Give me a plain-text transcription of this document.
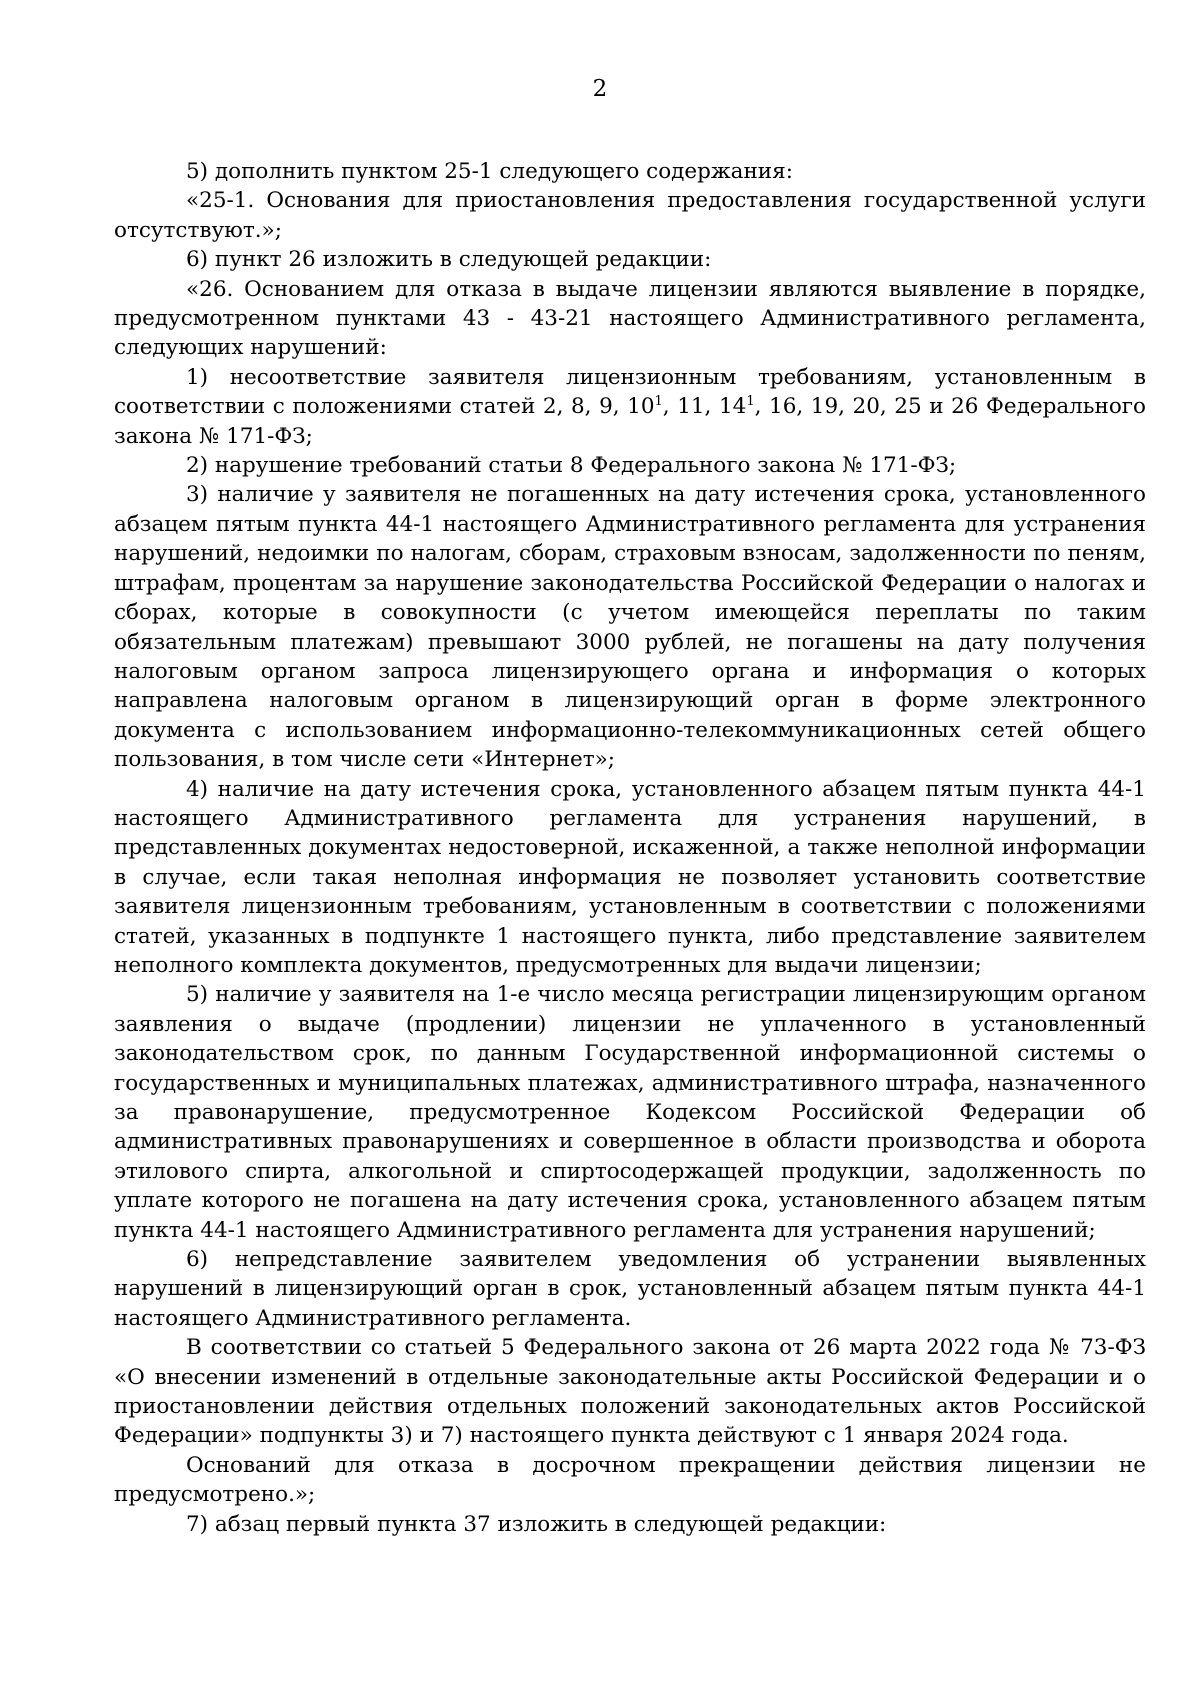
2

5) дополнить пунктом 25-1 следующего содержания:

«25-1. Основания для приостановления предоставления государственной услуги отсутствуют.»;

6) пункт 26 изложить в следующей редакции:

«26. Основанием для отказа в выдаче лицензии являются выявление в порядке, предусмотренном пунктами 43 - 43-21 настоящего Административного регламента, следующих нарушений:

1) несоответствие заявителя лицензионным требованиям, установленным в соответствии с положениями статей 2, 8, 9, $10^1$, 11, $14^1$, 16, 19, 20, 25 и 26 Федерального закона № 171-ФЗ;

2) нарушение требований статьи 8 Федерального закона № 171-ФЗ;

3) наличие у заявителя не погашенных на дату истечения срока, установленного абзацем пятым пункта 44-1 настоящего Административного регламента для устранения нарушений, недоимки по налогам, сборам, страховым взносам, задолженности по пеням, штрафам, процентам за нарушение законодательства Российской Федерации о налогах и сборах, которые в совокупности (с учетом имеющейся переплаты по таким обязательным платежам) превышают 3000 рублей, не погашены на дату получения налоговым органом запроса лицензирующего органа и информация о которых направлена налоговым органом в лицензирующий орган в форме электронного документа с использованием информационно-телекоммуникационных сетей общего пользования, в том числе сети «Интернет»;

4) наличие на дату истечения срока, установленного абзацем пятым пункта 44-1 настоящего Административного регламента для устранения нарушений, в представленных документах недостоверной, искаженной, а также неполной информации в случае, если такая неполная информация не позволяет установить соответствие заявителя лицензионным требованиям, установленным в соответствии с положениями статей, указанных в подпункте 1 настоящего пункта, либо представление заявителем неполного комплекта документов, предусмотренных для выдачи лицензии;

5) наличие у заявителя на 1-е число месяца регистрации лицензирующим органом заявления о выдаче (продлении) лицензии не уплаченного в установленный законодательством срок, по данным Государственной информационной системы о государственных и муниципальных платежах, административного штрафа, назначенного за правонарушение, предусмотренное Кодексом Российской Федерации об административных правонарушениях и совершенное в области производства и оборота этилового спирта, алкогольной и спиртосодержащей продукции, задолженность по уплате которого не погашена на дату истечения срока, установленного абзацем пятым пункта 44-1 настоящего Административного регламента для устранения нарушений;

6) непредставление заявителем уведомления об устранении выявленных нарушений в лицензирующий орган в срок, установленный абзацем пятым пункта 44-1 настоящего Административного регламента.

В соответствии со статьей 5 Федерального закона от 26 марта 2022 года № 73-ФЗ «О внесении изменений в отдельные законодательные акты Российской Федерации и о приостановлении действия отдельных положений законодательных актов Российской Федерации» подпункты 3) и 7) настоящего пункта действуют с 1 января 2024 года.

Оснований для отказа в досрочном прекращении действия лицензии не предусмотрено.»;

7) абзац первый пункта 37 изложить в следующей редакции:
